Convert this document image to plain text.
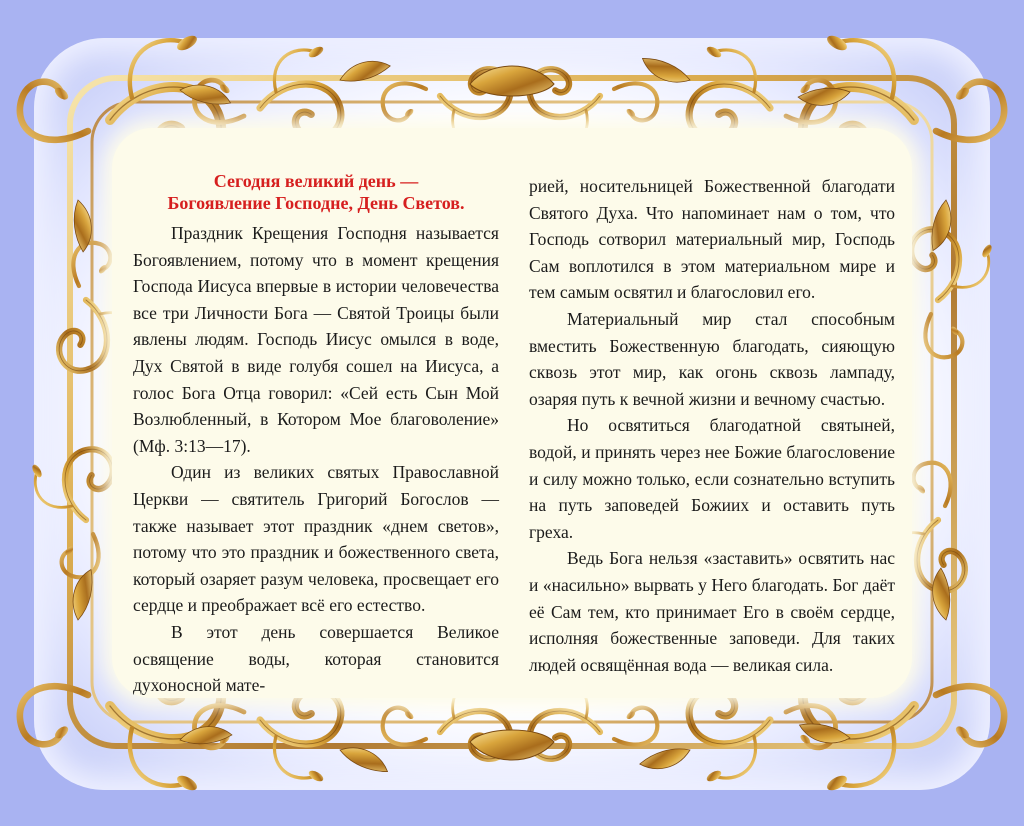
Сегодня великий день —
Богоявление Господне, День Светов.

Праздник Крещения Господня называется Богоявлением, потому что в момент крещения Господа Иисуса впервые в истории человечества все три Личности Бога — Святой Троицы были явлены людям. Господь Иисус омылся в воде, Дух Святой в виде голубя сошел на Иисуса, а голос Бога Отца говорил: «Сей есть Сын Мой Возлюбленный, в Котором Мое благоволение» (Мф. 3:13—17).

Один из великих святых Православной Церкви — святитель Григорий Богослов — также называет этот праздник «днем светов», потому что это праздник и божественного света, который озаряет разум человека, просвещает его сердце и преображает всё его естество.

В этот день совершается Великое освящение воды, которая становится духоносной мате-

рией, носительницей Божественной благодати Святого Духа. Что напоминает нам о том, что Господь сотворил материальный мир, Господь Сам воплотился в этом материальном мире и тем самым освятил и благословил его.

Материальный мир стал способным вместить Божественную благодать, сияющую сквозь этот мир, как огонь сквозь лампаду, озаряя путь к вечной жизни и вечному счастью.

Но освятиться благодатной святыней, водой, и принять через нее Божие благословение и силу можно только, если сознательно вступить на путь заповедей Божиих и оставить путь греха.

Ведь Бога нельзя «заставить» освятить нас и «насильно» вырвать у Него благодать. Бог даёт её Сам тем, кто принимает Его в своём сердце, исполняя божественные заповеди. Для таких людей освящённая вода — великая сила.
